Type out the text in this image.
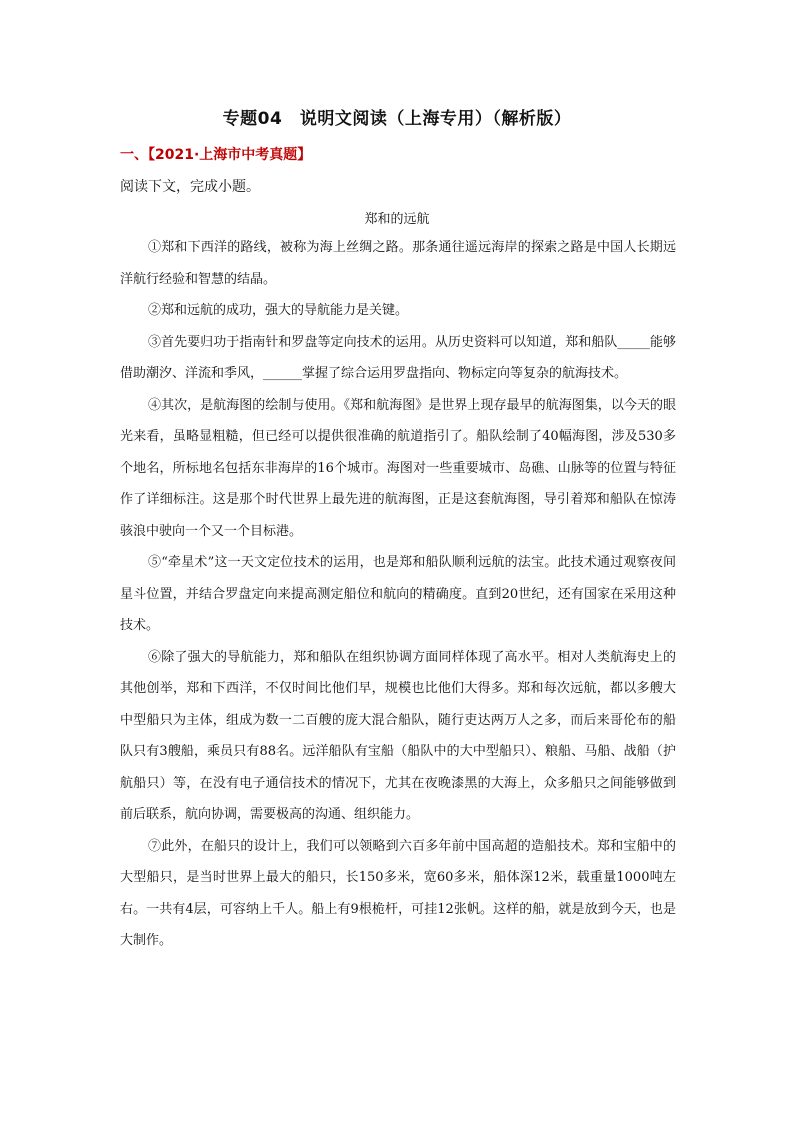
专题04　说明文阅读（上海专用）（解析版）
一、【2021·上海市中考真题】

阅读下文，完成小题。

郑和的远航

①郑和下西洋的路线，被称为海上丝绸之路。那条通往遥远海岸的探索之路是中国人长期远洋航行经验和智慧的结晶。

②郑和远航的成功，强大的导航能力是关键。

③首先要归功于指南针和罗盘等定向技术的运用。从历史资料可以知道，郑和船队_____能够借助潮汐、洋流和季风，______掌握了综合运用罗盘指向、物标定向等复杂的航海技术。

④其次，是航海图的绘制与使用。《郑和航海图》是世界上现存最早的航海图集，以今天的眼光来看，虽略显粗糙，但已经可以提供很准确的航道指引了。船队绘制了40幅海图，涉及530多个地名，所标地名包括东非海岸的16个城市。海图对一些重要城市、岛礁、山脉等的位置与特征作了详细标注。这是那个时代世界上最先进的航海图，正是这套航海图，导引着郑和船队在惊涛骇浪中驶向一个又一个目标港。

⑤“牵星术”这一天文定位技术的运用，也是郑和船队顺利远航的法宝。此技术通过观察夜间星斗位置，并结合罗盘定向来提高测定船位和航向的精确度。直到20世纪，还有国家在采用这种技术。

⑥除了强大的导航能力，郑和船队在组织协调方面同样体现了高水平。相对人类航海史上的其他创举，郑和下西洋，不仅时间比他们早，规模也比他们大得多。郑和每次远航，都以多艘大中型船只为主体，组成为数一二百艘的庞大混合船队，随行吏达两万人之多，而后来哥伦布的船队只有3艘船，乘员只有88名。远洋船队有宝船（船队中的大中型船只）、粮船、马船、战船（护航船只）等，在没有电子通信技术的情况下，尤其在夜晚漆黑的大海上，众多船只之间能够做到前后联系，航向协调，需要极高的沟通、组织能力。

⑦此外，在船只的设计上，我们可以领略到六百多年前中国高超的造船技术。郑和宝船中的大型船只，是当时世界上最大的船只，长150多米，宽60多米，船体深12米，载重量1000吨左右。一共有4层，可容纳上千人。船上有9根桅杆，可挂12张帆。这样的船，就是放到今天，也是大制作。
